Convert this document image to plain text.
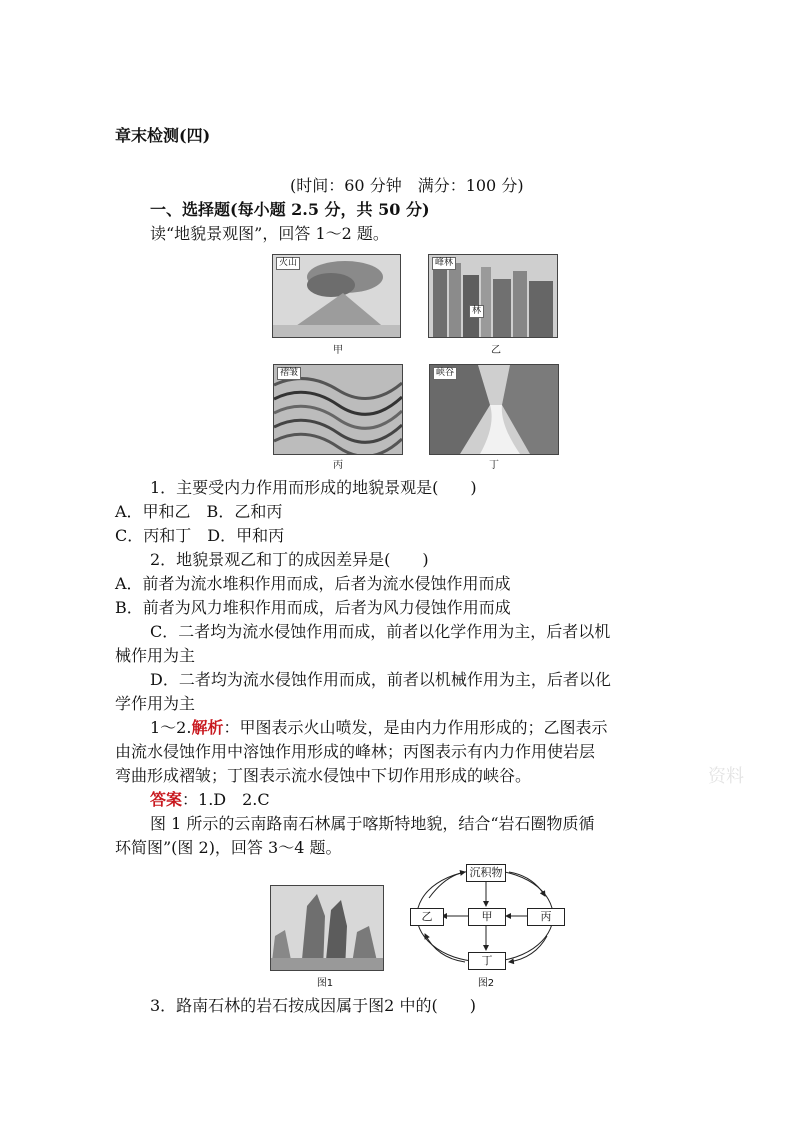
章末检测(四)
(时间：60 分钟　满分：100 分)
一、选择题(每小题 2.5 分，共 50 分)
读“地貌景观图”，回答 1～2 题。
火山
甲
峰林
林
乙
褶皱
丙
峡谷
丁
1．主要受内力作用而形成的地貌景观是(　　)
A．甲和乙　B．乙和丙
C．丙和丁　D．甲和丙
2．地貌景观乙和丁的成因差异是(　　)
A．前者为流水堆积作用而成，后者为流水侵蚀作用而成
B．前者为风力堆积作用而成，后者为风力侵蚀作用而成
C．二者均为流水侵蚀作用而成，前者以化学作用为主，后者以机
械作用为主
D．二者均为流水侵蚀作用而成，前者以机械作用为主，后者以化
学作用为主
1～2.解析：甲图表示火山喷发，是由内力作用形成的；乙图表示
由流水侵蚀作用中溶蚀作用形成的峰林；丙图表示有内力作用使岩层
弯曲形成褶皱；丁图表示流水侵蚀中下切作用形成的峡谷。
答案：1.D　2.C
图 1 所示的云南路南石林属于喀斯特地貌，结合“岩石圈物质循
环简图”(图 2)，回答 3～4 题。
图1
沉积物
乙	甲	丙
丁
图2
3．路南石林的岩石按成因属于图2 中的(　　)
资料
